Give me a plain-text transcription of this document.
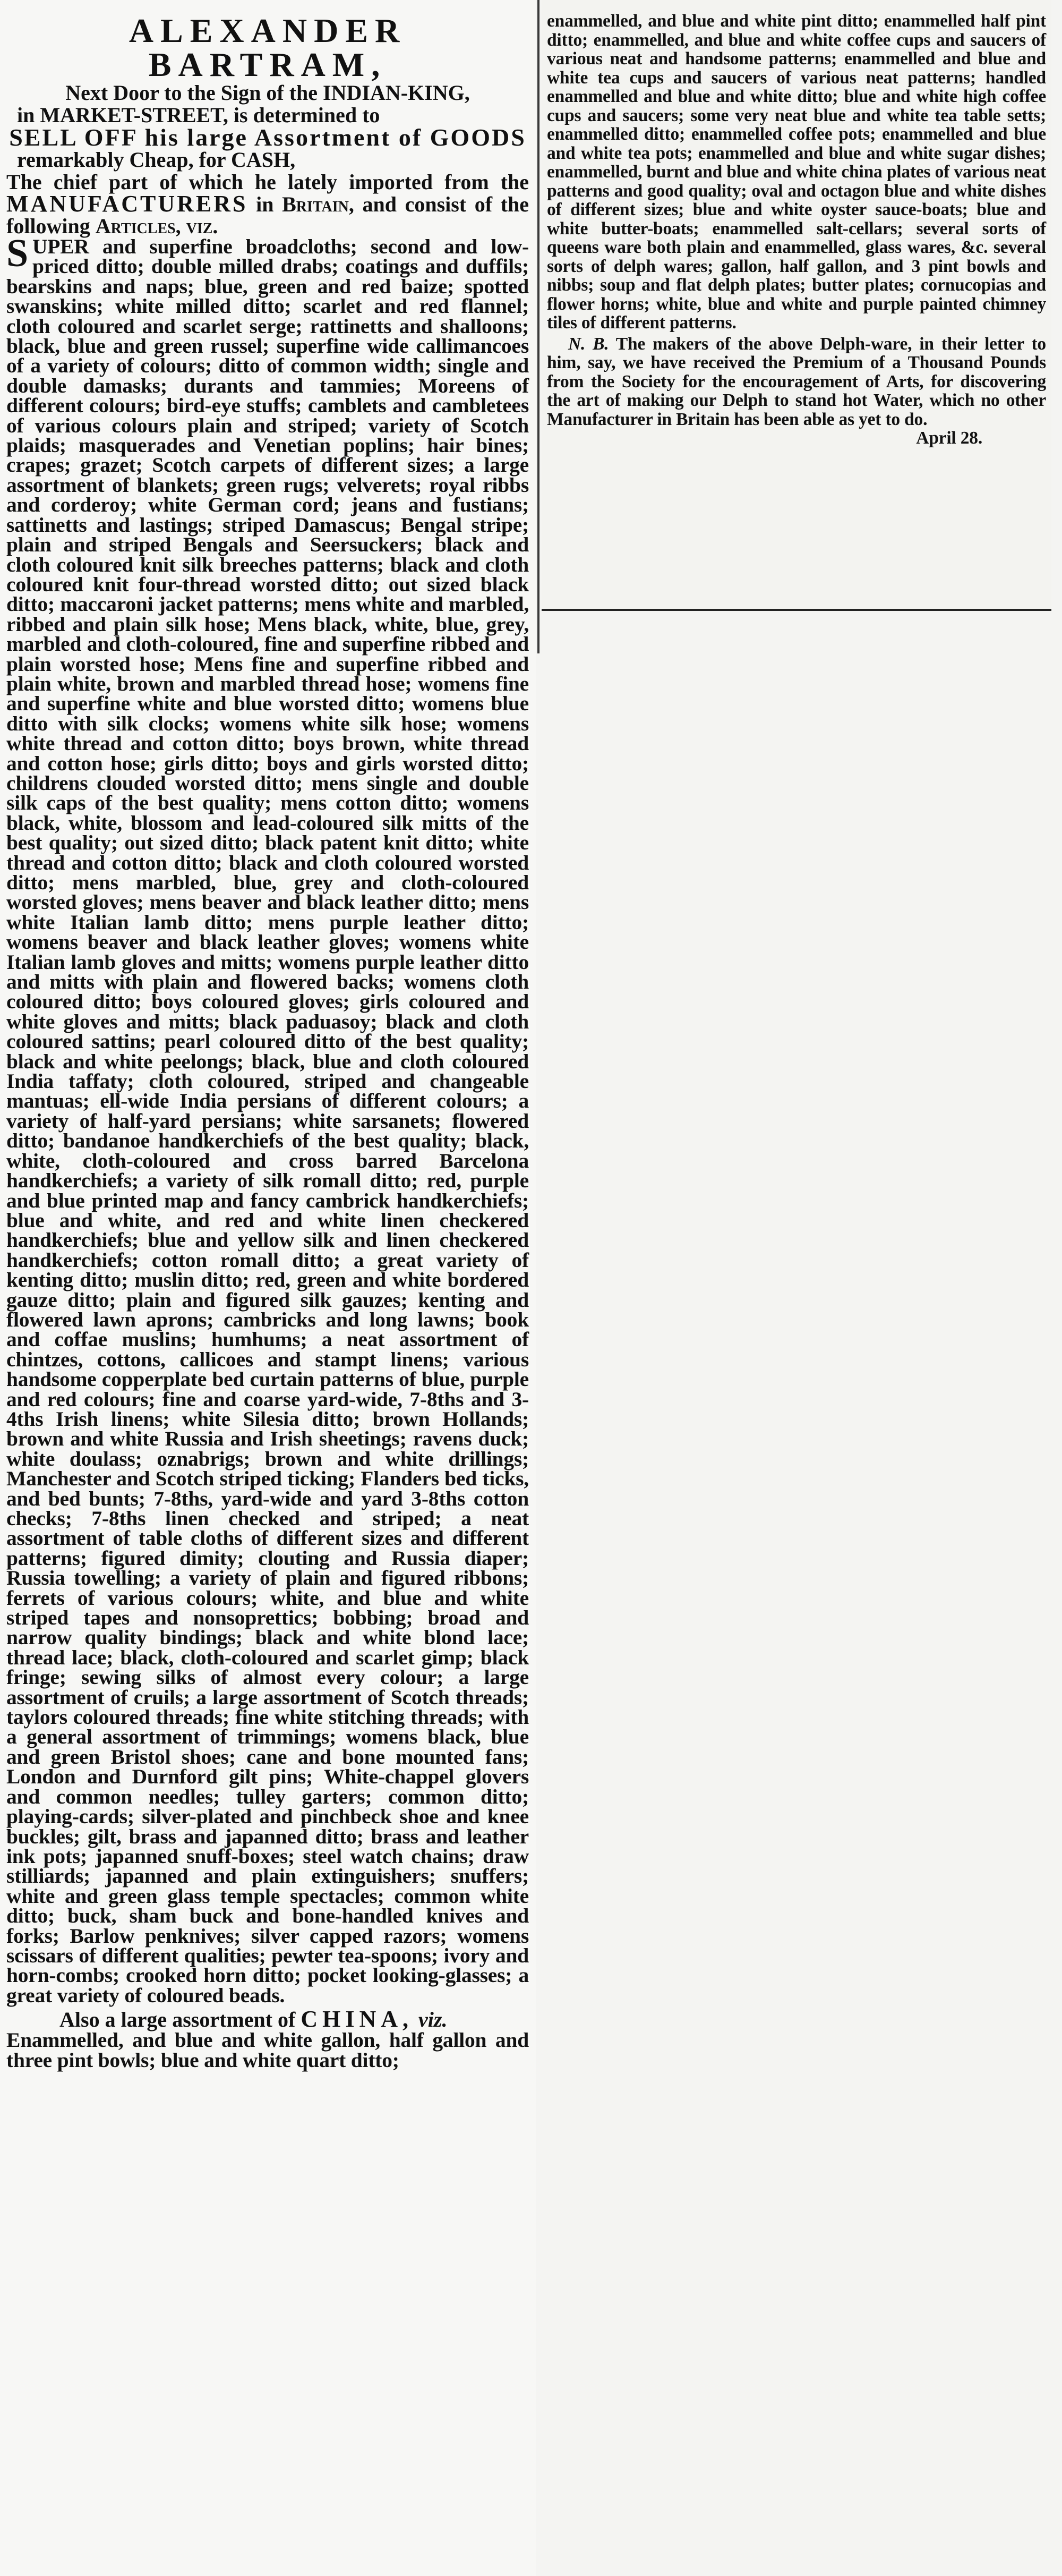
ALEXANDER BARTRAM,

Next Door to the Sign of the INDIAN-KING,

in MARKET-STREET, is determined to

SELL OFF his large Assortment of GOODS

remarkably Cheap, for CASH,

The chief part of which he lately imported from the MANUFACTURERS in Britain, and consist of the following Articles, viz.

SUPER and superfine broadcloths; second and low-priced ditto; double milled drabs; coatings and duffils; bearskins and naps; blue, green and red baize; spotted swanskins; white milled ditto; scarlet and red flannel; cloth coloured and scarlet serge; rattinetts and shalloons; black, blue and green russel; superfine wide callimancoes of a variety of colours; ditto of common width; single and double damasks; durants and tammies; Moreens of different colours; bird-eye stuffs; camblets and cambletees of various colours plain and striped; variety of Scotch plaids; masquerades and Venetian poplins; hair bines; crapes; grazet; Scotch carpets of different sizes; a large assortment of blankets; green rugs; velverets; royal ribbs and corderoy; white German cord; jeans and fustians; sattinetts and lastings; striped Damascus; Bengal stripe; plain and striped Bengals and Seersuckers; black and cloth coloured knit silk breeches patterns; black and cloth coloured knit four-thread worsted ditto; out sized black ditto; maccaroni jacket patterns; mens white and marbled, ribbed and plain silk hose; Mens black, white, blue, grey, marbled and cloth-coloured, fine and superfine ribbed and plain worsted hose; Mens fine and superfine ribbed and plain white, brown and marbled thread hose; womens fine and superfine white and blue worsted ditto; womens blue ditto with silk clocks; womens white silk hose; womens white thread and cotton ditto; boys brown, white thread and cotton hose; girls ditto; boys and girls worsted ditto; childrens clouded worsted ditto; mens single and double silk caps of the best quality; mens cotton ditto; womens black, white, blossom and lead-coloured silk mitts of the best quality; out sized ditto; black patent knit ditto; white thread and cotton ditto; black and cloth coloured worsted ditto; mens marbled, blue, grey and cloth-coloured worsted gloves; mens beaver and black leather ditto; mens white Italian lamb ditto; mens purple leather ditto; womens beaver and black leather gloves; womens white Italian lamb gloves and mitts; womens purple leather ditto and mitts with plain and flowered backs; womens cloth coloured ditto; boys coloured gloves; girls coloured and white gloves and mitts; black paduasoy; black and cloth coloured sattins; pearl coloured ditto of the best quality; black and white peelongs; black, blue and cloth coloured India taffaty; cloth coloured, striped and changeable mantuas; ell-wide India persians of different colours; a variety of half-yard persians; white sarsanets; flowered ditto; bandanoe handkerchiefs of the best quality; black, white, cloth-coloured and cross barred Barcelona handkerchiefs; a variety of silk romall ditto; red, purple and blue printed map and fancy cambrick handkerchiefs; blue and white, and red and white linen checkered handkerchiefs; blue and yellow silk and linen checkered handkerchiefs; cotton romall ditto; a great variety of kenting ditto; muslin ditto; red, green and white bordered gauze ditto; plain and figured silk gauzes; kenting and flowered lawn aprons; cambricks and long lawns; book and coffae muslins; humhums; a neat assortment of chintzes, cottons, callicoes and stampt linens; various handsome copperplate bed curtain patterns of blue, purple and red colours; fine and coarse yard-wide, 7-8ths and 3-4ths Irish linens; white Silesia ditto; brown Hollands; brown and white Russia and Irish sheetings; ravens duck; white doulass; oznabrigs; brown and white drillings; Manchester and Scotch striped ticking; Flanders bed ticks, and bed bunts; 7-8ths, yard-wide and yard 3-8ths cotton checks; 7-8ths linen checked and striped; a neat assortment of table cloths of different sizes and different patterns; figured dimity; clouting and Russia diaper; Russia towelling; a variety of plain and figured ribbons; ferrets of various colours; white, and blue and white striped tapes and nonsoprettics; bobbing; broad and narrow quality bindings; black and white blond lace; thread lace; black, cloth-coloured and scarlet gimp; black fringe; sewing silks of almost every colour; a large assortment of cruils; a large assortment of Scotch threads; taylors coloured threads; fine white stitching threads; with a general assortment of trimmings; womens black, blue and green Bristol shoes; cane and bone mounted fans; London and Durnford gilt pins; White-chappel glovers and common needles; tulley garters; common ditto; playing-cards; silver-plated and pinchbeck shoe and knee buckles; gilt, brass and japanned ditto; brass and leather ink pots; japanned snuff-boxes; steel watch chains; draw stilliards; japanned and plain extinguishers; snuffers; white and green glass temple spectacles; common white ditto; buck, sham buck and bone-handled knives and forks; Barlow penknives; silver capped razors; womens scissars of different qualities; pewter tea-spoons; ivory and horn-combs; crooked horn ditto; pocket looking-glasses; a great variety of coloured beads.

Also a large assortment of CHINA, viz.

Enammelled, and blue and white gallon, half gallon and three pint bowls; blue and white quart ditto;

enammelled, and blue and white pint ditto; enammelled half pint ditto; enammelled, and blue and white coffee cups and saucers of various neat and handsome patterns; enammelled and blue and white tea cups and saucers of various neat patterns; handled enammelled and blue and white ditto; blue and white high coffee cups and saucers; some very neat blue and white tea table setts; enammelled ditto; enammelled coffee pots; enammelled and blue and white tea pots; enammelled and blue and white sugar dishes; enammelled, burnt and blue and white china plates of various neat patterns and good quality; oval and octagon blue and white dishes of different sizes; blue and white oyster sauce-boats; blue and white butter-boats; enammelled salt-cellars; several sorts of queens ware both plain and enammelled, glass wares, &c. several sorts of delph wares; gallon, half gallon, and 3 pint bowls and nibbs; soup and flat delph plates; butter plates; cornucopias and flower horns; white, blue and white and purple painted chimney tiles of different patterns.

N. B. The makers of the above Delph-ware, in their letter to him, say, we have received the Premium of a Thousand Pounds from the Society for the encouragement of Arts, for discovering the art of making our Delph to stand hot Water, which no other Manufacturer in Britain has been able as yet to do.

April 28.
